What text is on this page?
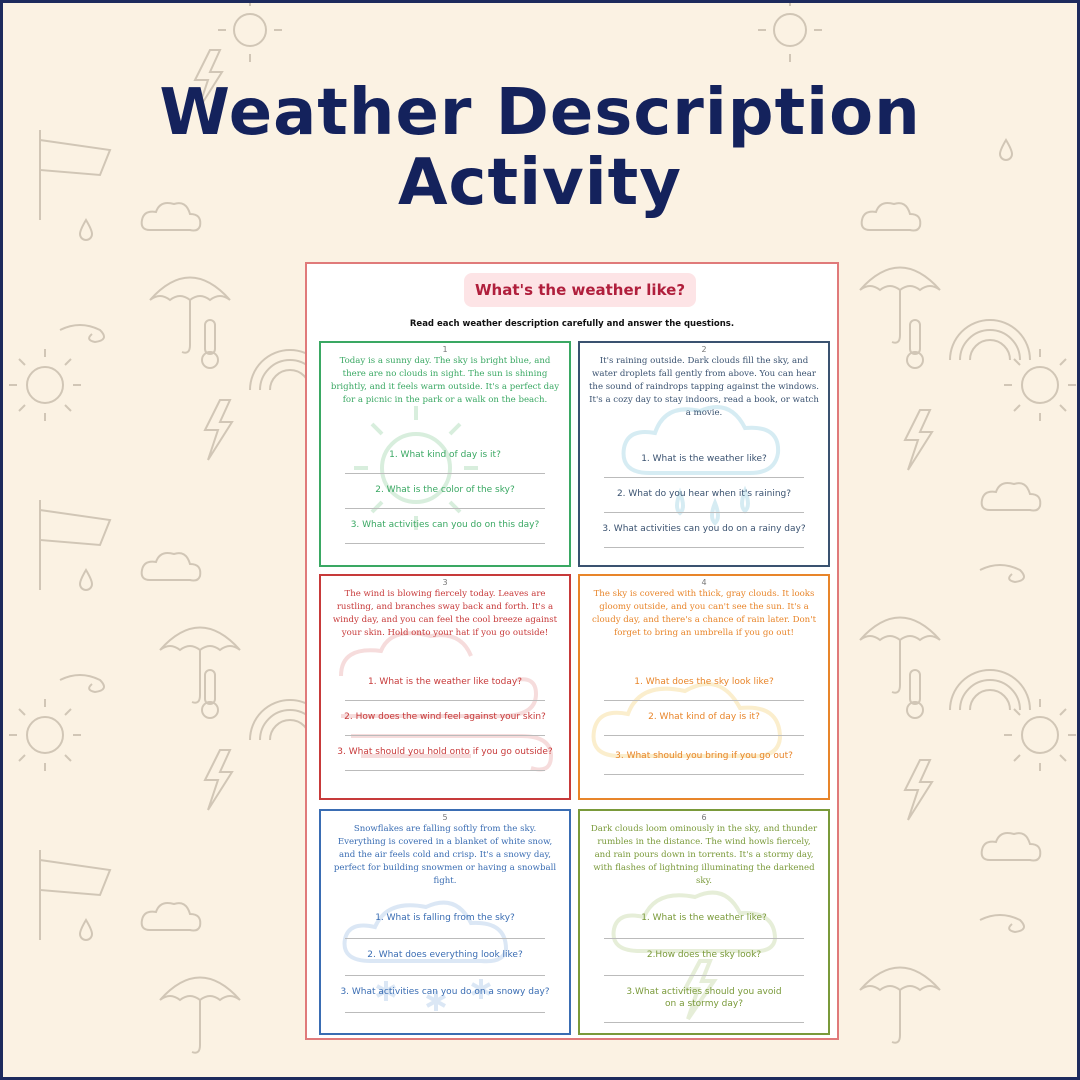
Weather Description
Activity
What's the weather like?
Read each weather description carefully and answer the questions.
1
Today is a sunny day. The sky is bright blue, and there are no clouds in sight. The sun is shining brightly, and it feels warm outside. It's a perfect day for a picnic in the park or a walk on the beach.
1. What kind of day is it?
2. What is the color of the sky?
3. What activities can you do on this day?
2
It's raining outside. Dark clouds fill the sky, and water droplets fall gently from above. You can hear the sound of raindrops tapping against the windows. It's a cozy day to stay indoors, read a book, or watch a movie.
1. What is the weather like?
2. What do you hear when it's raining?
3. What activities can you do on a rainy day?
3
The wind is blowing fiercely today. Leaves are rustling, and branches sway back and forth. It's a windy day, and you can feel the cool breeze against your skin. Hold onto your hat if you go outside!
1. What is the weather like today?
2. How does the wind feel against your skin?
3. What should you hold onto if you go outside?
4
The sky is covered with thick, gray clouds. It looks gloomy outside, and you can't see the sun. It's a cloudy day, and there's a chance of rain later. Don't forget to bring an umbrella if you go out!
1. What does the sky look like?
2. What kind of day is it?
3. What should you bring if you go out?
5
Snowflakes are falling softly from the sky. Everything is covered in a blanket of white snow, and the air feels cold and crisp. It's a snowy day, perfect for building snowmen or having a snowball fight.
1. What is falling from the sky?
2. What does everything look like?
3. What activities can you do on a snowy day?
6
Dark clouds loom ominously in the sky, and thunder rumbles in the distance. The wind howls fiercely, and rain pours down in torrents. It's a stormy day, with flashes of lightning illuminating the darkened sky.
1. What is the weather like?
2.How does the sky look?
3.What activities should you avoid on a stormy day?
